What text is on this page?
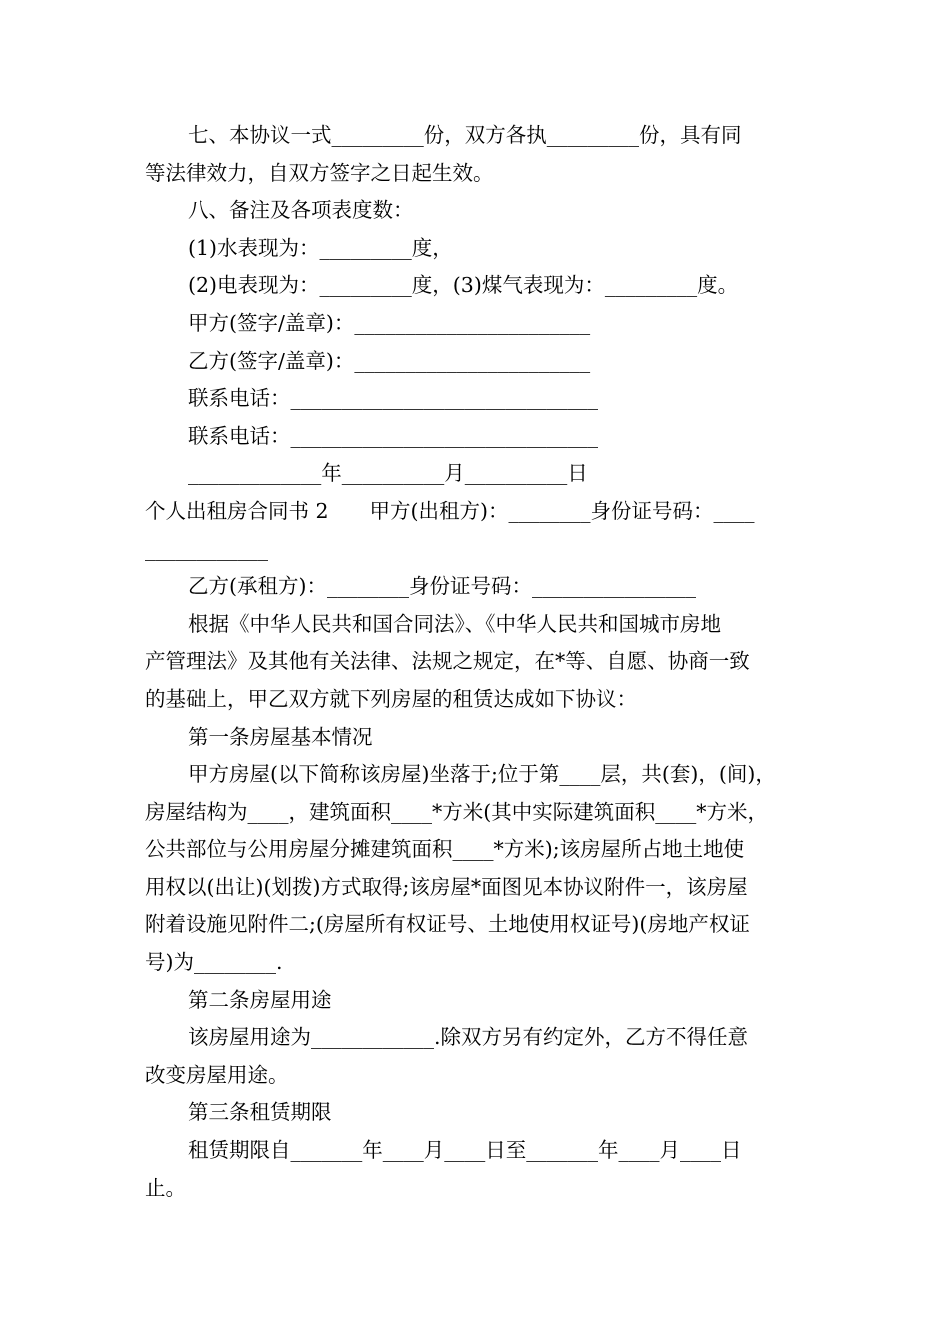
七、本协议一式_________份，双方各执_________份，具有同
等法律效力，自双方签字之日起生效。
八、备注及各项表度数：
(1)水表现为：_________度，
(2)电表现为：_________度，(3)煤气表现为：_________度。
甲方(签字/盖章)：_______________________
乙方(签字/盖章)：_______________________
联系电话：______________________________
联系电话：______________________________
_____________年__________月__________日
个人出租房合同书 2　　甲方(出租方)：________身份证号码：____
____________
乙方(承租方)：________身份证号码：________________
根据《中华人民共和国合同法》、《中华人民共和国城市房地
产管理法》及其他有关法律、法规之规定，在*等、自愿、协商一致
的基础上，甲乙双方就下列房屋的租赁达成如下协议：
第一条房屋基本情况
甲方房屋(以下简称该房屋)坐落于;位于第____层，共(套)，(间)，
房屋结构为____，建筑面积____*方米(其中实际建筑面积____*方米，
公共部位与公用房屋分摊建筑面积____*方米);该房屋所占地土地使
用权以(出让)(划拨)方式取得;该房屋*面图见本协议附件一，该房屋
附着设施见附件二;(房屋所有权证号、土地使用权证号)(房地产权证
号)为________.
第二条房屋用途
该房屋用途为____________.除双方另有约定外，乙方不得任意
改变房屋用途。
第三条租赁期限
租赁期限自_______年____月____日至_______年____月____日
止。
